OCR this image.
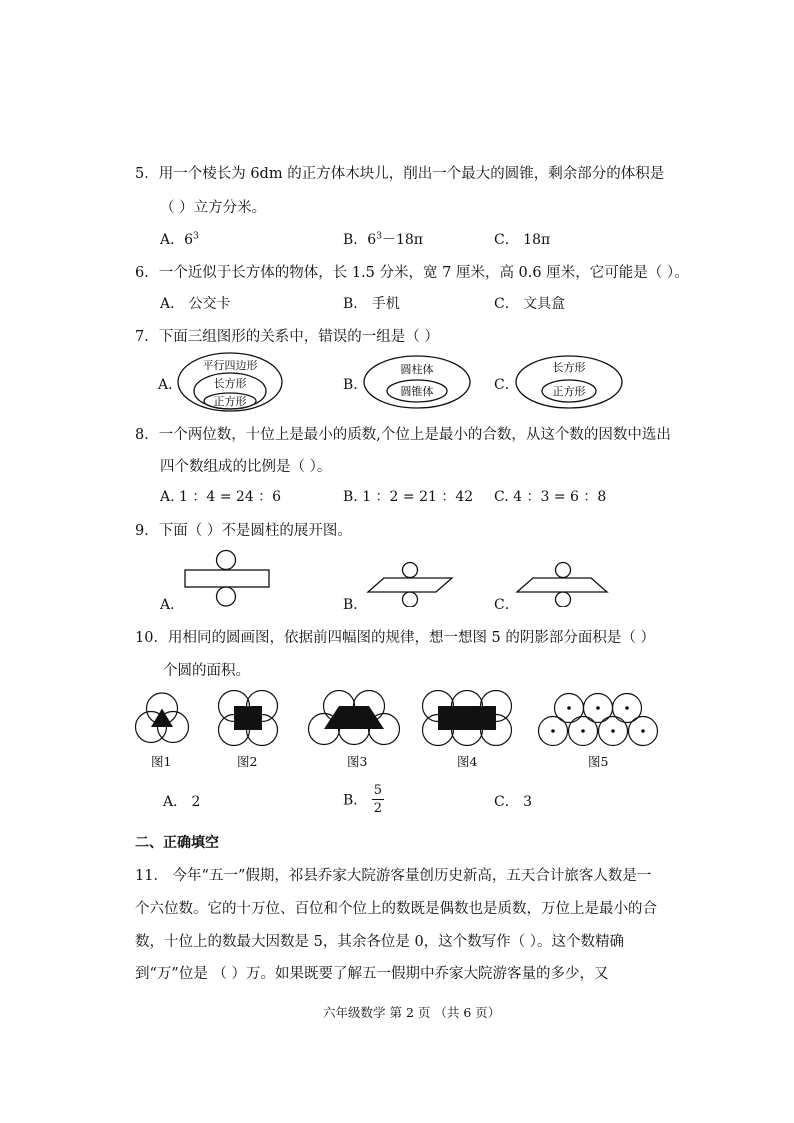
5．用一个棱长为 6dm 的正方体木块儿，削出一个最大的圆锥，剩余部分的体积是
（ ）立方分米。
A．$6^3$	B．$6^3-18\pi$	C． 18π
6．一个近似于长方体的物体，长 1.5 分米，宽 7 厘米，高 0.6 厘米，它可能是（ ）。
A． 公交卡	B． 手机	C． 文具盒
7．下面三组图形的关系中，错误的一组是（ ）
A．
平行四边形
长方形
正方形
B．
圆柱体
圆锥体	C．
长方形
正方形
8．一个两位数，十位上是最小的质数,个位上是最小的合数，从这个数的因数中选出
四个数组成的比例是（ ）。
A. 1 ：4 = 24 ：6	B. 1 ：2 = 21 ：42 C. 4 ：3 = 6 ：8
9．下面（ ）不是圆柱的展开图。
A．	B．	C．
10．用相同的圆画图，依据前四幅图的规律，想一想图 5 的阴影部分面积是（ ）
个圆的面积。
图1	图2	图3	图4	图5
A． 2	B． $\frac{5}{2}$	C． 3
二、正确填空
11． 今年“五一”假期，祁县乔家大院游客量创历史新高，五天合计旅客人数是一
个六位数。它的十万位、百位和个位上的数既是偶数也是质数，万位上是最小的合
数，十位上的数最大因数是 5，其余各位是 0，这个数写作（ ）。这个数精确
到“万”位是 （ ）万。如果既要了解五一假期中乔家大院游客量的多少，又
六年级数学 第 2 页 （共 6 页）
